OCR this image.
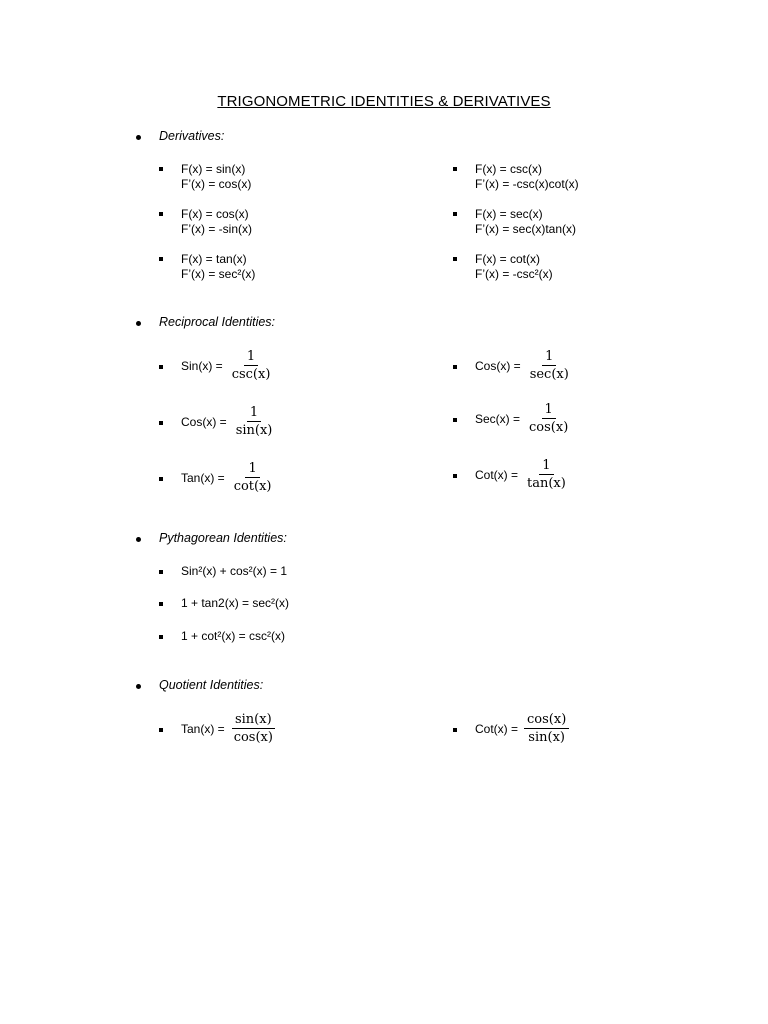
TRIGONOMETRIC IDENTITIES & DERIVATIVES
Derivatives:
F(x) = sin(x)
F’(x) = cos(x)
F(x) = cos(x)
F’(x) = -sin(x)
F(x) = tan(x)
F’(x) = sec²(x)
F(x) = csc(x)
F’(x) = -csc(x)cot(x)
F(x) = sec(x)
F’(x) = sec(x)tan(x)
F(x) = cot(x)
F’(x) = -csc²(x)
Reciprocal Identities:
$Sin(x) = \frac{1}{\csc(x)}$
$Cos(x) = \frac{1}{\sin(x)}$
$Tan(x) = \frac{1}{\cot(x)}$
$Cos(x) = \frac{1}{\sec(x)}$
$Sec(x) = \frac{1}{\cos(x)}$
$Cot(x) = \frac{1}{\tan(x)}$
Pythagorean Identities:
Sin²(x) + cos²(x) = 1
1 + tan2(x) = sec²(x)
1 + cot²(x) = csc²(x)
Quotient Identities:
$Tan(x) = \frac{\sin(x)}{\cos(x)}$	$Cot(x) = \frac{\cos(x)}{\sin(x)}$
